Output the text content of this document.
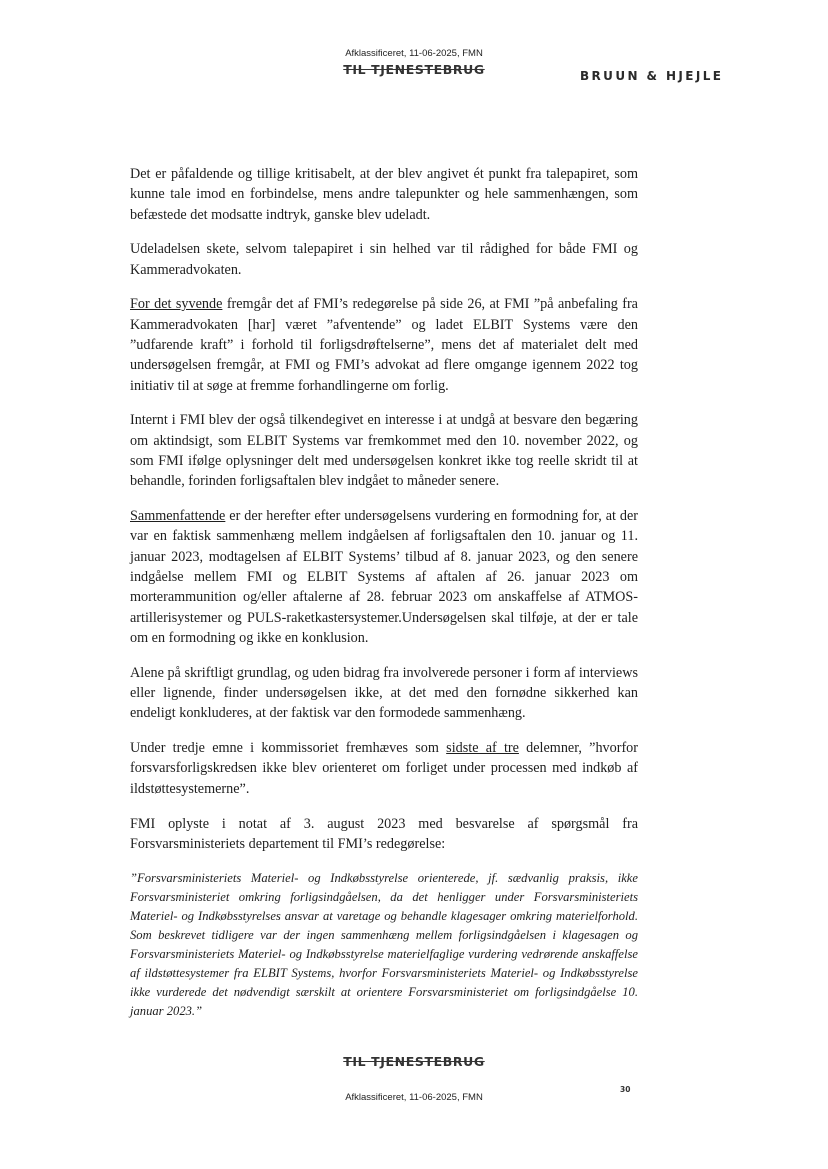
Afklassificeret, 11-06-2025, FMN
TIL TJENESTEBRUG	BRUUN & HJEJLE

Det er påfaldende og tillige kritisabelt, at der blev angivet ét punkt fra talepapiret, som kunne tale imod en forbindelse, mens andre talepunkter og hele sammenhængen, som befæstede det modsatte indtryk, ganske blev udeladt.

Udeladelsen skete, selvom talepapiret i sin helhed var til rådighed for både FMI og Kammeradvokaten.

For det syvende fremgår det af FMI’s redegørelse på side 26, at FMI ”på anbefaling fra Kammeradvokaten [har] været ”afventende” og ladet ELBIT Systems være den ”udfarende kraft” i forhold til forligsdrøftelserne”, mens det af materialet delt med undersøgelsen fremgår, at FMI og FMI’s advokat ad flere omgange igennem 2022 tog initiativ til at søge at fremme forhandlingerne om forlig.

Internt i FMI blev der også tilkendegivet en interesse i at undgå at besvare den begæring om aktindsigt, som ELBIT Systems var fremkommet med den 10. november 2022, og som FMI ifølge oplysninger delt med undersøgelsen konkret ikke tog reelle skridt til at behandle, forinden forligsaftalen blev indgået to måneder senere.

Sammenfattende er der herefter efter undersøgelsens vurdering en formodning for, at der var en faktisk sammenhæng mellem indgåelsen af forligsaftalen den 10. januar og 11. januar 2023, modtagelsen af ELBIT Systems’ tilbud af 8. januar 2023, og den senere indgåelse mellem FMI og ELBIT Systems af aftalen af 26. januar 2023 om morterammunition og/eller aftalerne af 28. februar 2023 om anskaffelse af ATMOS-artillerisystemer og PULS-raketkastersystemer.Undersøgelsen skal tilføje, at der er tale om en formodning og ikke en konklusion.

Alene på skriftligt grundlag, og uden bidrag fra involverede personer i form af interviews eller lignende, finder undersøgelsen ikke, at det med den fornødne sikkerhed kan endeligt konkluderes, at der faktisk var den formodede sammenhæng.

Under tredje emne i kommissoriet fremhæves som sidste af tre delemner, ”hvorfor forsvarsforligskredsen ikke blev orienteret om forliget under processen med indkøb af ildstøttesystemerne”.

FMI oplyste i notat af 3. august 2023 med besvarelse af spørgsmål fra Forsvarsministeriets departement til FMI’s redegørelse:

”Forsvarsministeriets Materiel- og Indkøbsstyrelse orienterede, jf. sædvanlig praksis, ikke Forsvarsministeriet omkring forligsindgåelsen, da det henligger under Forsvarsministeriets Materiel- og Indkøbsstyrelses ansvar at varetage og behandle klagesager omkring materielforhold. Som beskrevet tidligere var der ingen sammenhæng mellem forligsindgåelsen i klagesagen og Forsvarsministeriets Materiel- og Indkøbsstyrelse materielfaglige vurdering vedrørende anskaffelse af ildstøttesystemer fra ELBIT Systems, hvorfor Forsvarsministeriets Materiel- og Indkøbsstyrelse ikke vurderede det nødvendigt særskilt at orientere Forsvarsministeriet om forligsindgåelse 10. januar 2023.”

TIL TJENESTEBRUG
30
Afklassificeret, 11-06-2025, FMN
